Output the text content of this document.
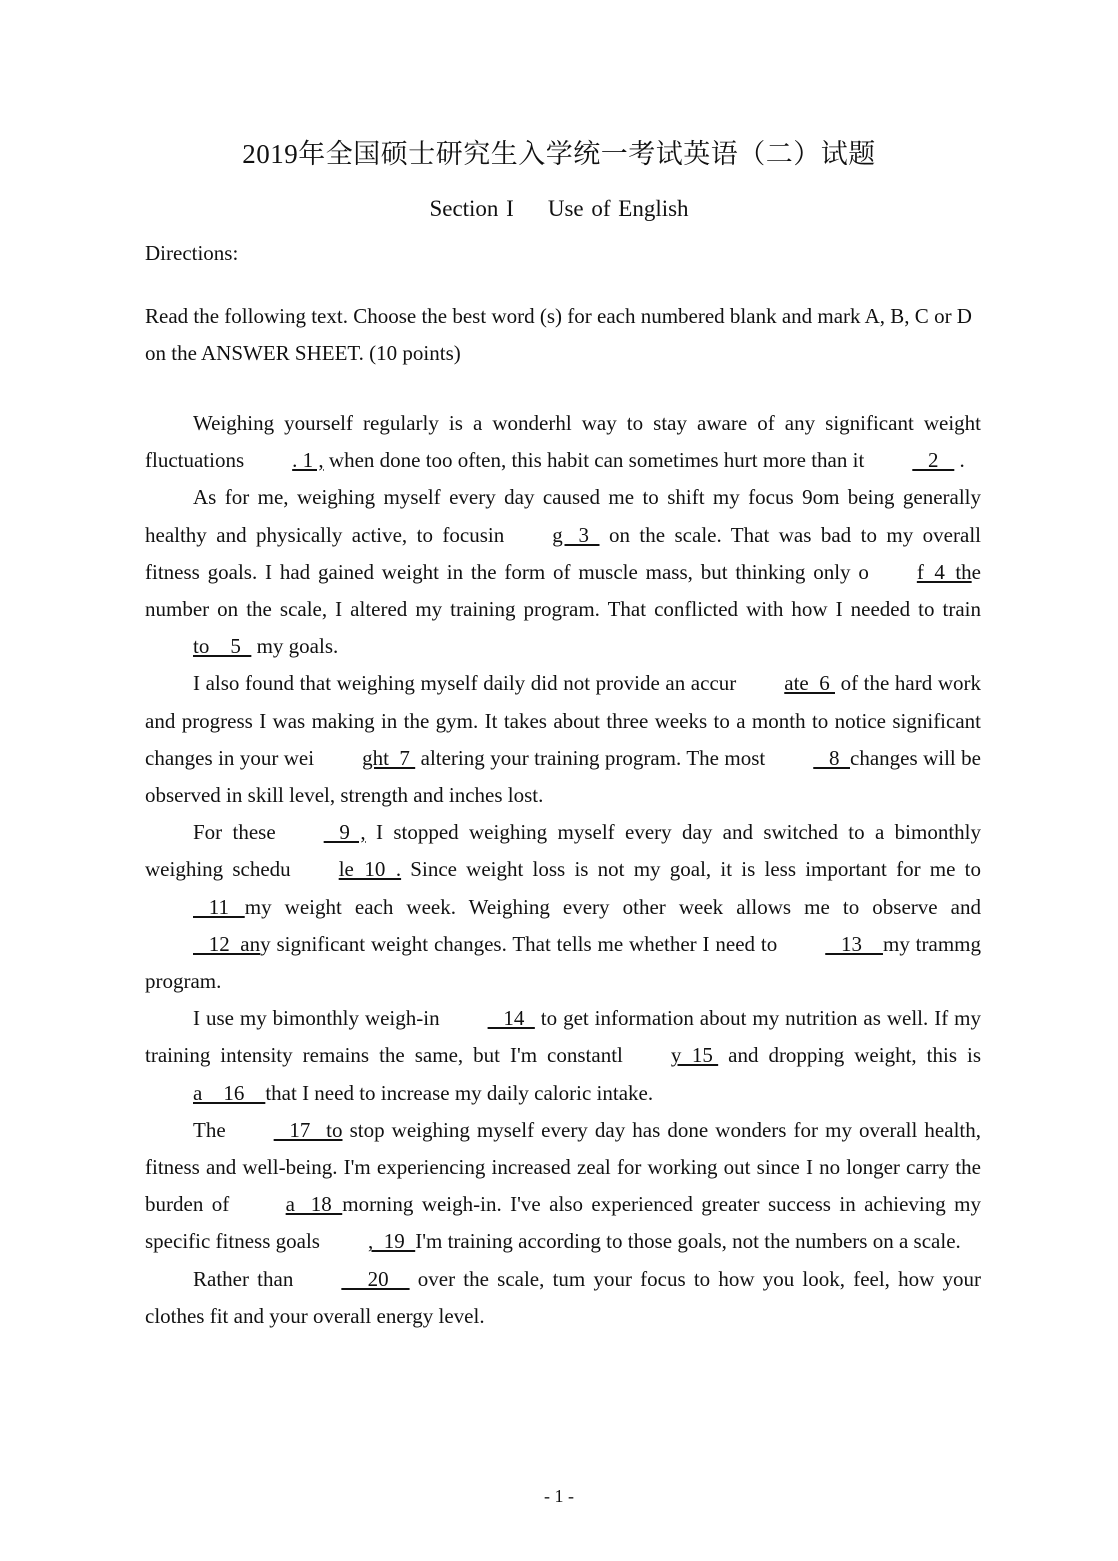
2019年全国硕士研究生入学统一考试英语（二）试题
Section I Use of English
Directions:
Read the following text. Choose the best word (s) for each numbered blank and mark A, B, C or D on the ANSWER SHEET. (10 points)

Weighing yourself regularly is a wonderhl way to stay aware of any significant weight fluctuations . 1 , when done too often, this habit can sometimes hurt more than it   2    .

As for me, weighing myself every day caused me to shift my focus 9om being generally healthy and physically active, to focusin g   3   on the scale. That was bad to my overall fitness goals. I had gained weight in the form of muscle mass, but thinking only o f  4  the number on the scale, I altered my training program. That conflicted with how I needed to train to    5   my goals.

I also found that weighing myself daily did not provide an accur ate  6  of the hard work and progress I was making in the gym. It takes about three weeks to a month to notice significant changes in your wei ght  7  altering your training program. The most   8  changes will be observed in skill level, strength and inches lost.

For these   9  , I stopped weighing myself every day and switched to a bimonthly weighing schedu le  10  . Since weight loss is not my goal, it is less important for me to   11   my weight each week. Weighing every other week allows me to observe and   12  any significant weight changes. That tells me whether I need to   13    my trammg program.

I use my bimonthly weigh-in   14   to get information about my nutrition as well. If my training intensity remains the same, but I'm constantl y  15  and dropping weight, this is a    16    that I need to increase my daily caloric intake.

The   17   to stop weighing myself every day has done wonders for my overall health, fitness and well-being. I'm experiencing increased zeal for working out since I no longer carry the burden of a   18  morning weigh-in. I've also experienced greater success in achieving my specific fitness goals ,  19  I'm training according to those goals, not the numbers on a scale.

Rather than     20     over the scale, tum your focus to how you look, feel, how your clothes fit and your overall energy level.

- 1 -
